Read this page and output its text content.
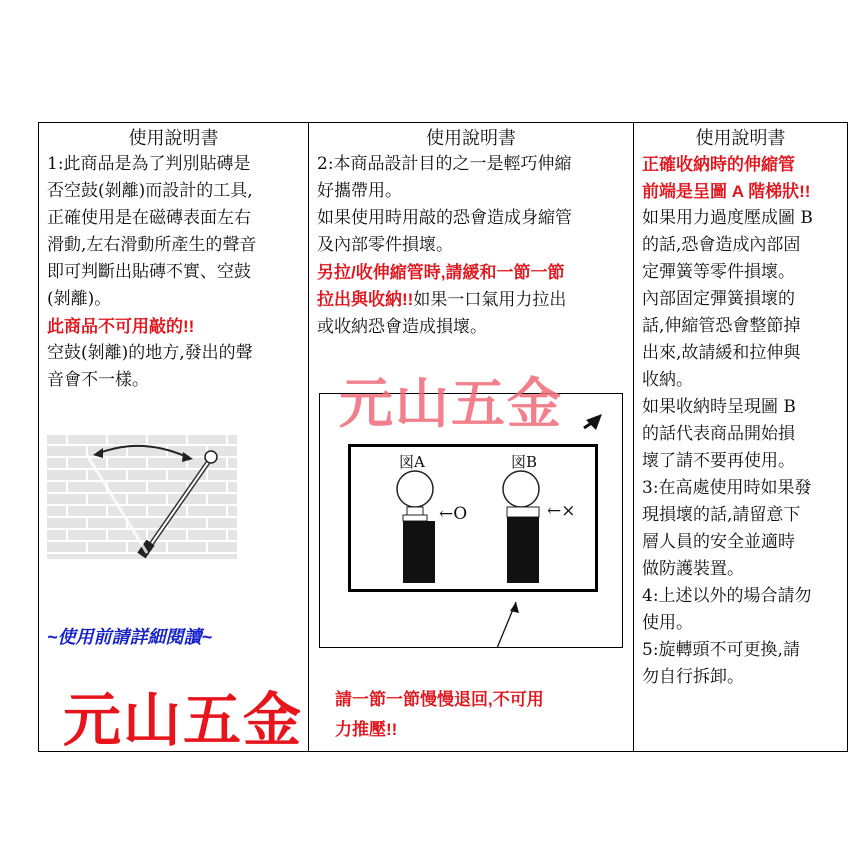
使用說明書
1:此商品是為了判別貼磚是
否空鼓(剝離)而設計的工具,
正確使用是在磁磚表面左右
滑動,左右滑動所產生的聲音
即可判斷出貼磚不實、空鼓
(剝離)。
此商品不可用敲的!!
空鼓(剝離)的地方,發出的聲
音會不一樣。
~使用前請詳細閱讀~
元山五金
使用說明書
2:本商品設計目的之一是輕巧伸縮
好攜帶用。
如果使用時用敲的恐會造成身縮管
及內部零件損壞。
另拉/收伸縮管時,請緩和一節一節
拉出與收納!!如果一口氣用力拉出
或收納恐會造成損壞。
図A	図B
←O	←×
元山五金
請一節一節慢慢退回,不可用
力推壓!!
使用說明書
正確收納時的伸縮管
前端是呈圖 A 階梯狀!!
如果用力過度壓成圖 B
的話,恐會造成內部固
定彈簧等零件損壞。
內部固定彈簧損壞的
話,伸縮管恐會整節掉
出來,故請緩和拉伸與
收納。
如果收納時呈現圖 B
的話代表商品開始損
壞了請不要再使用。
3:在高處使用時如果發
現損壞的話,請留意下
層人員的安全並適時
做防護裝置。
4:上述以外的場合請勿
使用。
5:旋轉頭不可更換,請
勿自行拆卸。
